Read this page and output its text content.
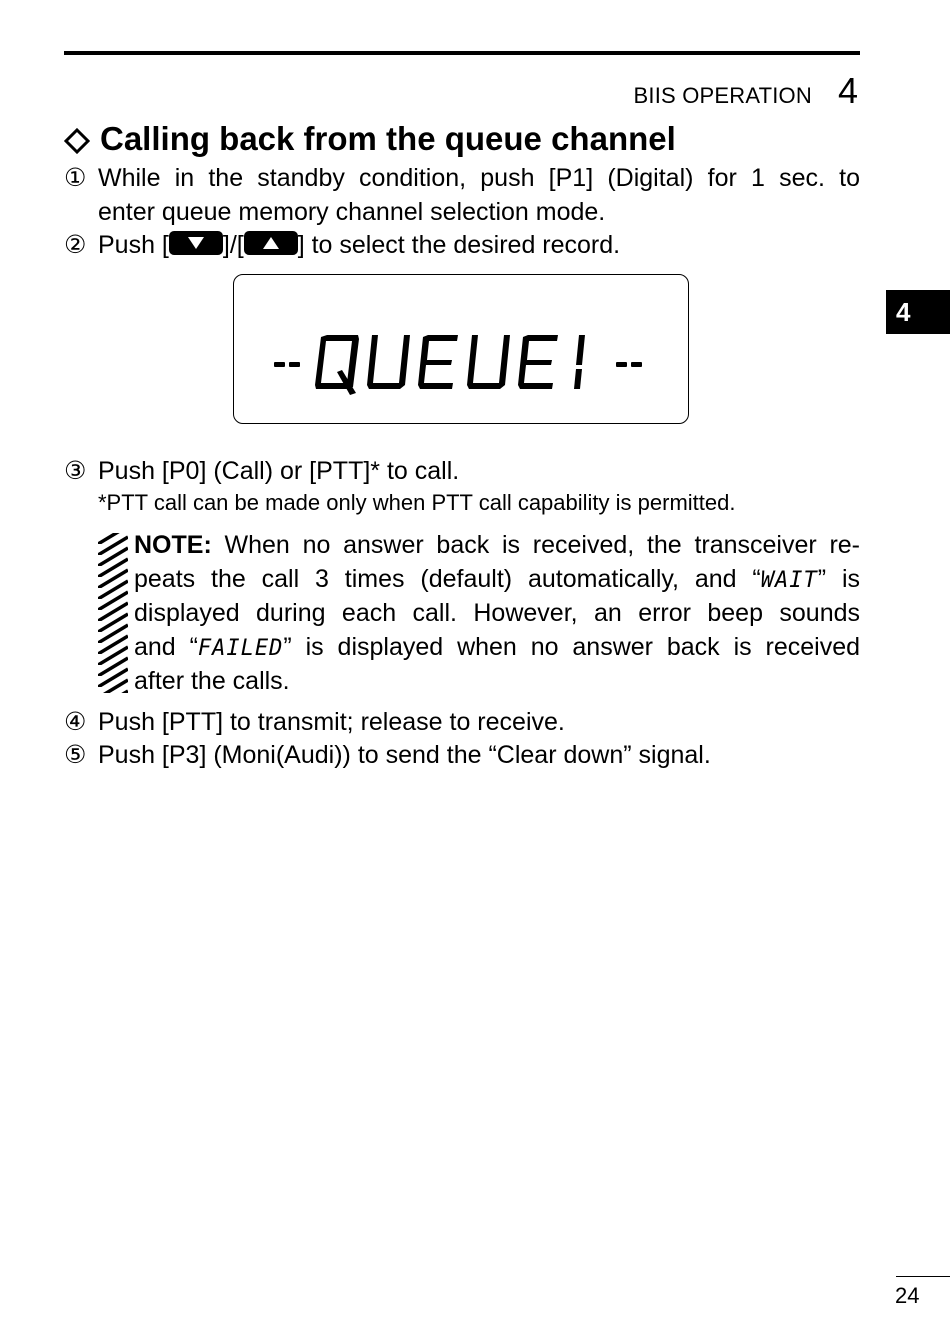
BIIS OPERATION 4
4
Calling back from the queue channel
① While in the standby condition, push [P1] (Digital) for 1 sec. to
enter queue memory channel selection mode.
② Push [ ]/[ ] to select the desired record.
③ Push [P0] (Call) or [PTT]* to call.
*PTT call can be made only when PTT call capability is permitted.
NOTE: When no answer back is received, the transceiver re-
peats the call 3 times (default) automatically, and “WAIT” is
displayed during each call. However, an error beep sounds
and “FAILED” is displayed when no answer back is received
after the calls.
④ Push [PTT] to transmit; release to receive.
⑤ Push [P3] (Moni(Audi)) to send the “Clear down” signal.
24
